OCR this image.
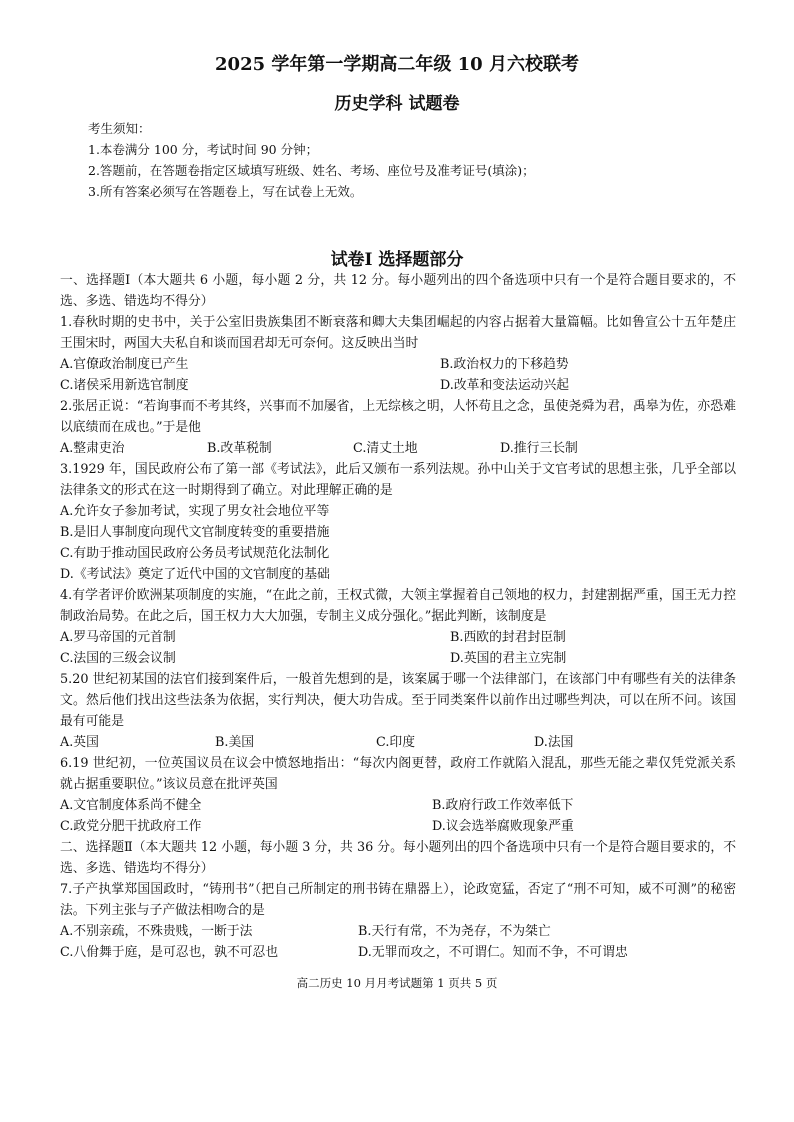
2025 学年第一学期高二年级 10 月六校联考
历史学科 试题卷
考生须知：
1.本卷满分 100 分，考试时间 90 分钟；
2.答题前，在答题卷指定区域填写班级、姓名、考场、座位号及准考证号(填涂)；
3.所有答案必须写在答题卷上，写在试卷上无效。
试卷Ⅰ 选择题部分

一、选择题Ⅰ（本大题共 6 小题，每小题 2 分，共 12 分。每小题列出的四个备选项中只有一个是符合题目要求的，不选、多选、错选均不得分）

1.春秋时期的史书中，关于公室旧贵族集团不断衰落和卿大夫集团崛起的内容占据着大量篇幅。比如鲁宣公十五年楚庄王围宋时，两国大夫私自和谈而国君却无可奈何。这反映出当时

A.官僚政治制度已产生	B.政治权力的下移趋势
C.诸侯采用新选官制度	D.改革和变法运动兴起

2.张居正说：“若询事而不考其终，兴事而不加屡省，上无综核之明，人怀苟且之念，虽使尧舜为君，禹皋为佐，亦恐难以底绩而在成也。”于是他

A.整肃吏治	B.改革税制	C.清丈土地	D.推行三长制

3.1929 年，国民政府公布了第一部《考试法》，此后又颁布一系列法规。孙中山关于文官考试的思想主张，几乎全部以法律条文的形式在这一时期得到了确立。对此理解正确的是

A.允许女子参加考试，实现了男女社会地位平等
B.是旧人事制度向现代文官制度转变的重要措施
C.有助于推动国民政府公务员考试规范化法制化
D.《考试法》奠定了近代中国的文官制度的基础

4.有学者评价欧洲某项制度的实施，“在此之前，王权式微，大领主掌握着自己领地的权力，封建割据严重，国王无力控制政治局势。在此之后，国王权力大大加强，专制主义成分强化。”据此判断，该制度是

A.罗马帝国的元首制	B.西欧的封君封臣制
C.法国的三级会议制	D.英国的君主立宪制

5.20 世纪初某国的法官们接到案件后，一般首先想到的是，该案属于哪一个法律部门，在该部门中有哪些有关的法律条文。然后他们找出这些法条为依据，实行判决，便大功告成。至于同类案件以前作出过哪些判决，可以在所不问。该国最有可能是

A.英国	B.美国	C.印度	D.法国

6.19 世纪初，一位英国议员在议会中愤怒地指出：“每次内阁更替，政府工作就陷入混乱，那些无能之辈仅凭党派关系就占据重要职位。”该议员意在批评英国

A.文官制度体系尚不健全	B.政府行政工作效率低下
C.政党分肥干扰政府工作	D.议会选举腐败现象严重

二、选择题Ⅱ（本大题共 12 小题，每小题 3 分，共 36 分。每小题列出的四个备选项中只有一个是符合题目要求的，不选、多选、错选均不得分）

7.子产执掌郑国国政时，“铸刑书”（把自己所制定的刑书铸在鼎器上），论政宽猛，否定了“刑不可知，威不可测”的秘密法。下列主张与子产做法相吻合的是

A.不别亲疏，不殊贵贱，一断于法	B.天行有常，不为尧存，不为桀亡
C.八佾舞于庭，是可忍也，孰不可忍也	D.无罪而攻之，不可谓仁。知而不争，不可谓忠
高二历史 10 月月考试题第 1 页共 5 页
